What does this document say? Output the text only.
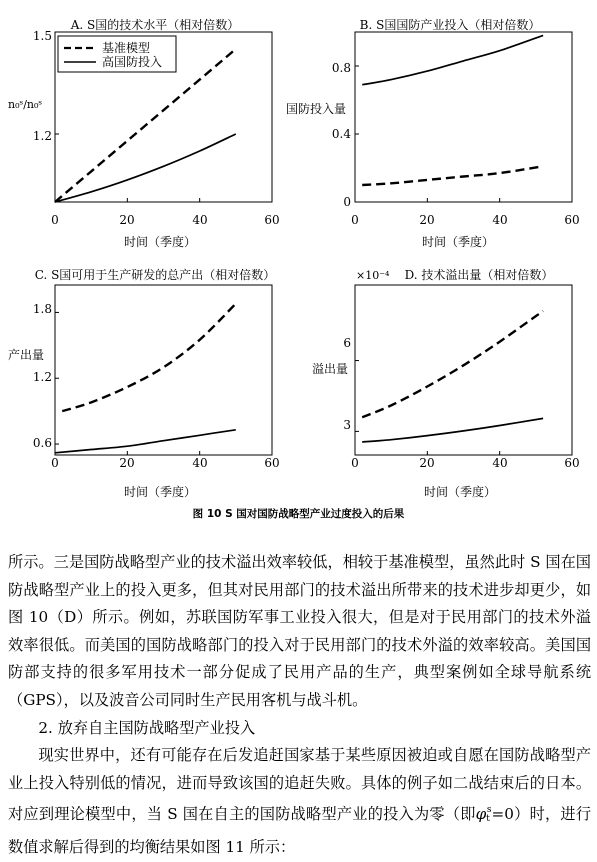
A. S国的技术水平（相对倍数）
0	20	40	60
1.2
1.5
时间（季度）
n₀ˢ/n₀ˢ
基准模型
高国防投入
B. S国国防产业投入（相对倍数）
0	20	40	60
0
0.4
0.8
时间（季度）
国防投入量
C. S国可用于生产研发的总产出（相对倍数）
0	20	40	60
0.6
1.2
1.8
时间（季度）
产出量
×10⁻⁴ D. 技术溢出量（相对倍数）
0	20	40	60
3
6
时间（季度）
溢出量
图 10 S 国对国防战略型产业过度投入的后果

所示。三是国防战略型产业的技术溢出效率较低，相较于基准模型，虽然此时 S 国在国防战略型产业上的投入更多，但其对民用部门的技术溢出所带来的技术进步却更少，如图 10（D）所示。例如，苏联国防军事工业投入很大，但是对于民用部门的技术外溢效率很低。而美国的国防战略部门的投入对于民用部门的技术外溢的效率较高。美国国防部支持的很多军用技术一部分促成了民用产品的生产，典型案例如全球导航系统（GPS），以及波音公司同时生产民用客机与战斗机。

2. 放弃自主国防战略型产业投入

现实世界中，还有可能存在后发追赶国家基于某些原因被迫或自愿在国防战略型产业上投入特别低的情况，进而导致该国的追赶失败。具体的例子如二战结束后的日本。对应到理论模型中，当 S 国在自主的国防战略型产业的投入为零（即$\varphi_t^s=0$）时，进行数值求解后得到的均衡结果如图 11 所示：
